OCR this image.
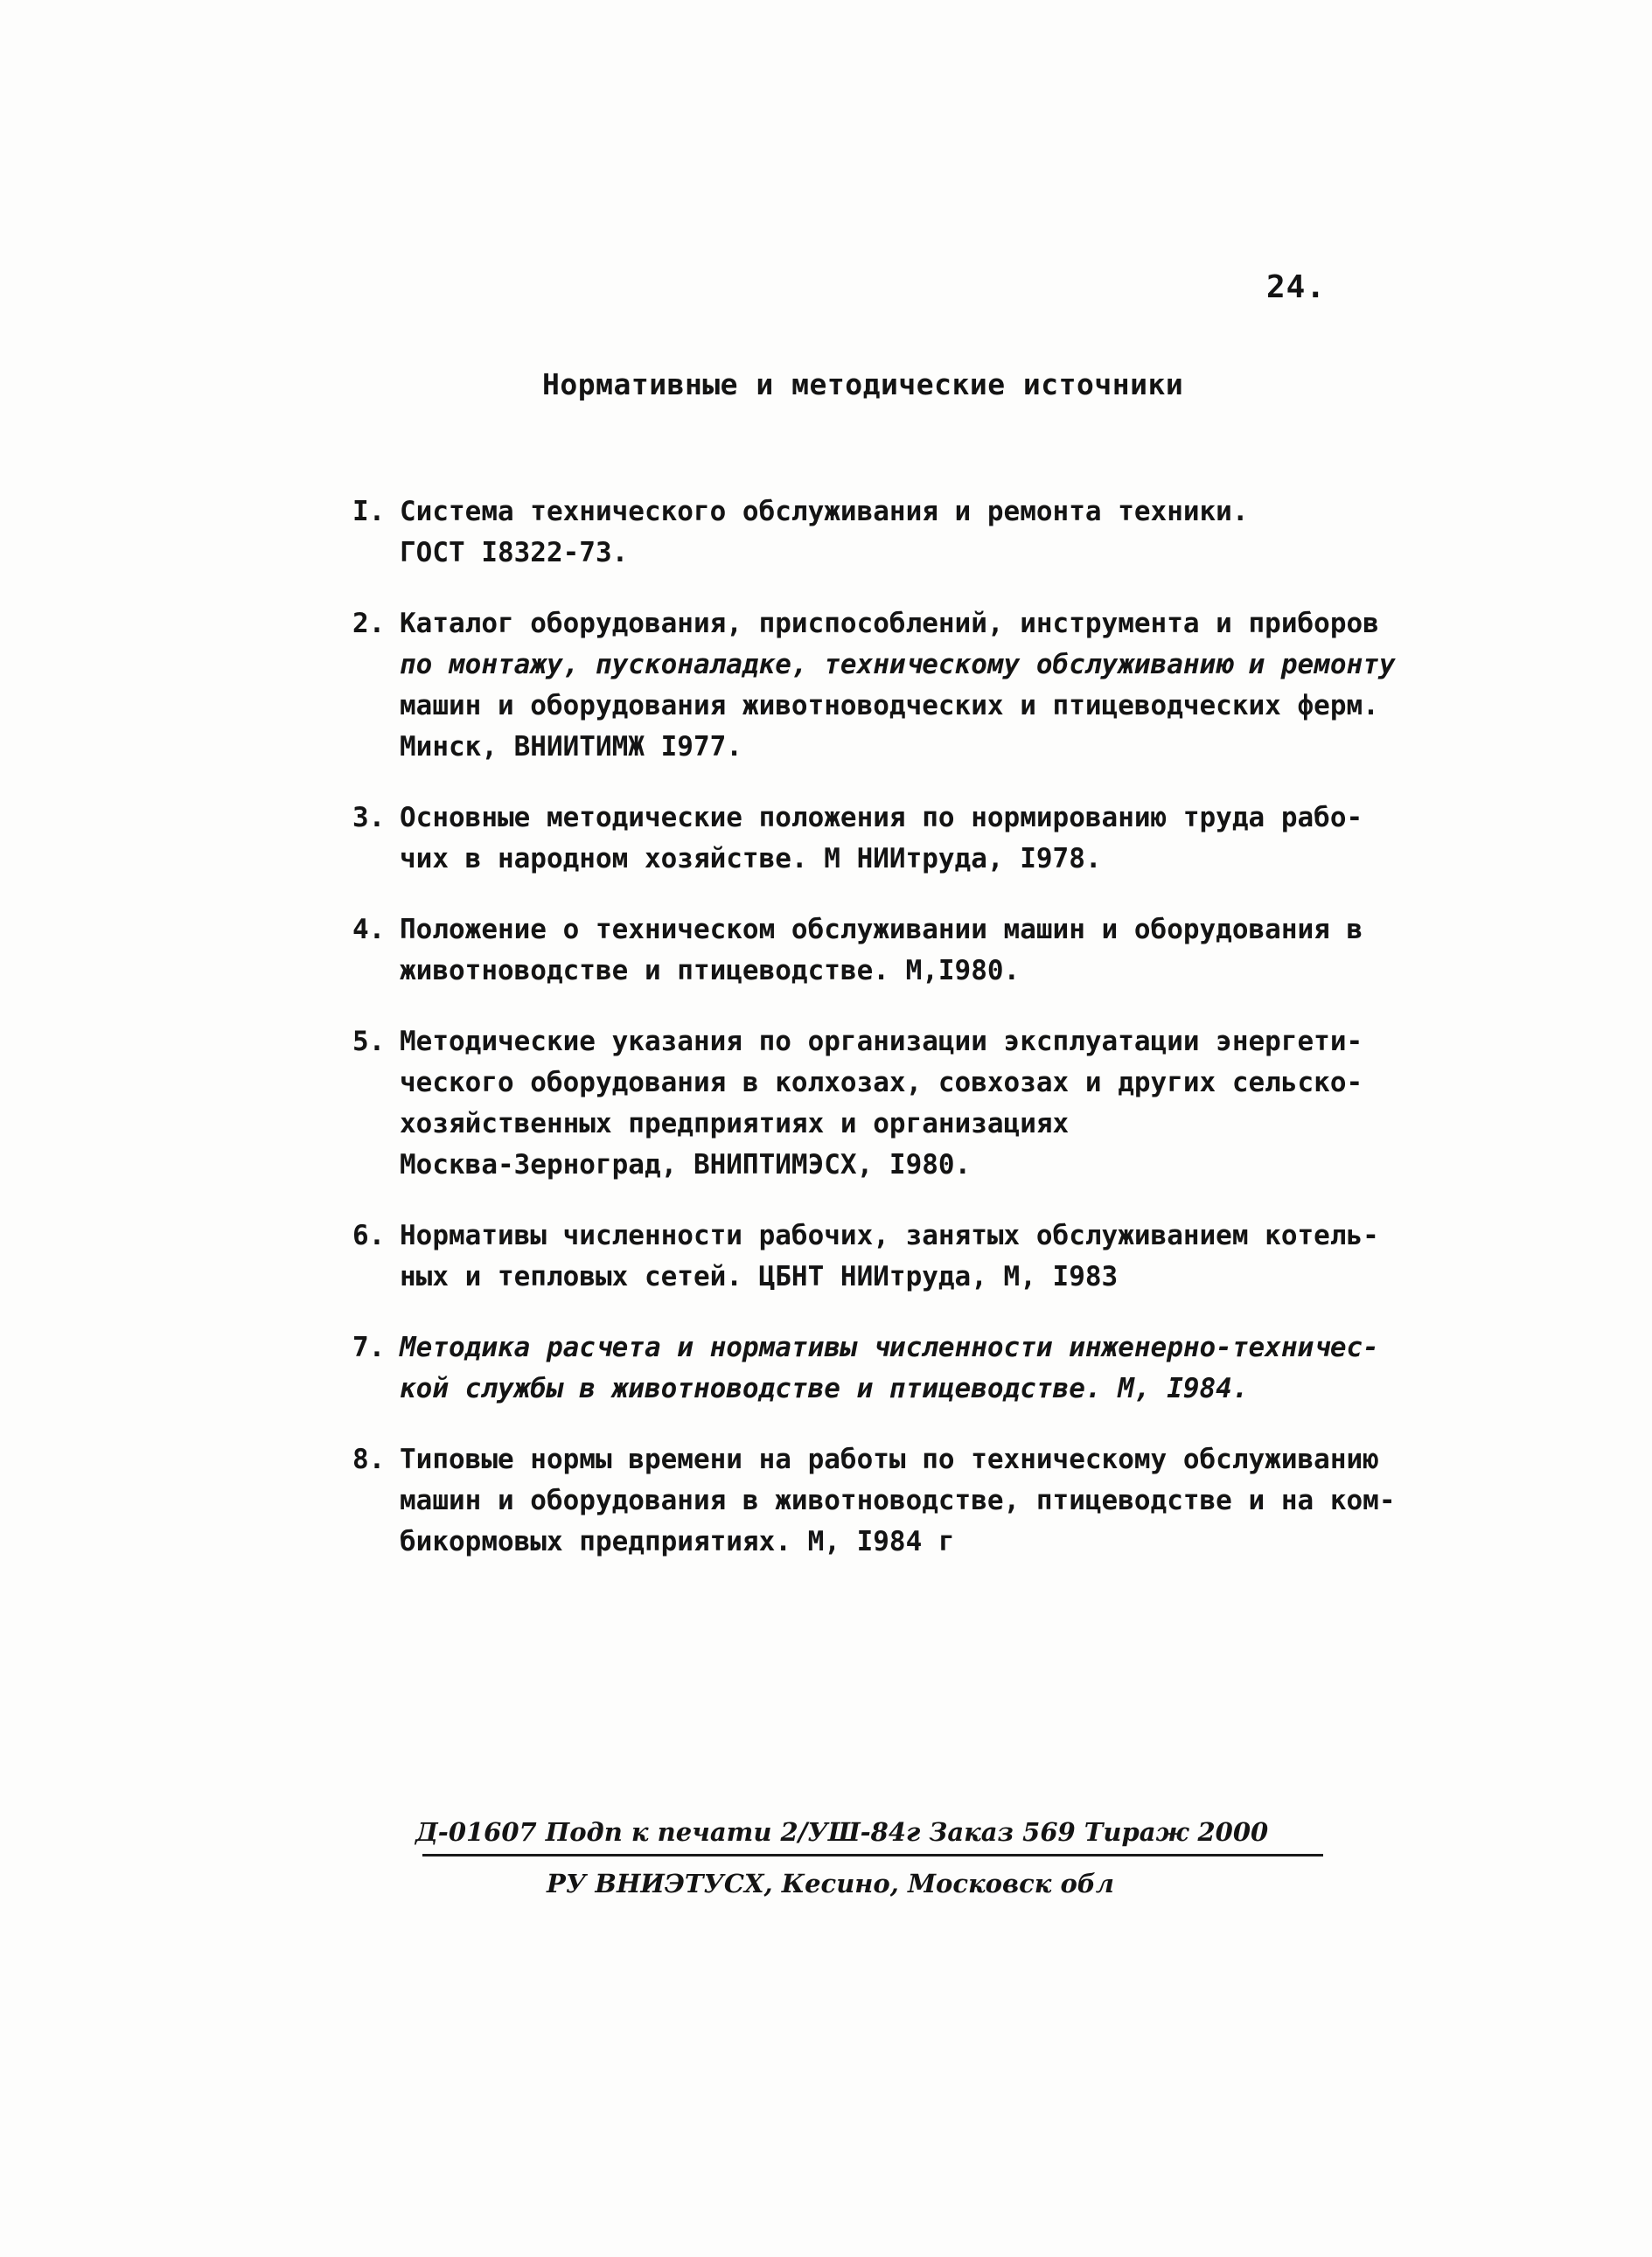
24.
Нормативные и методические источники
I. Система технического обслуживания и ремонта техники.
ГОСТ I8322-73.
2. Каталог оборудования, приспособлений, инструмента и приборов
по монтажу, пусконаладке, техническому обслуживанию и ремонту
машин и оборудования животноводческих и птицеводческих ферм.
Минск, ВНИИТИМЖ I977.
3. Основные методические положения по нормированию труда рабо-
чих в народном хозяйстве. М НИИтруда, I978.
4. Положение о техническом обслуживании машин и оборудования в
животноводстве и птицеводстве. М,I980.
5. Методические указания по организации эксплуатации энергети-
ческого оборудования в колхозах, совхозах и других сельско-
хозяйственных предприятиях и организациях
Москва-Зерноград, ВНИПТИМЭСХ, I980.
6. Нормативы численности рабочих, занятых обслуживанием котель-
ных и тепловых сетей. ЦБНТ НИИтруда, М, I983
7. Методика расчета и нормативы численности инженерно-техничес-
кой службы в животноводстве и птицеводстве. М, I984.
8. Типовые нормы времени на работы по техническому обслуживанию
машин и оборудования в животноводстве, птицеводстве и на ком-
бикормовых предприятиях. М, I984 г
Д-01607 Подп к печати 2/УШ-84г Заказ 569 Тираж 2000
РУ ВНИЭТУСХ, Кесино, Московск обл
